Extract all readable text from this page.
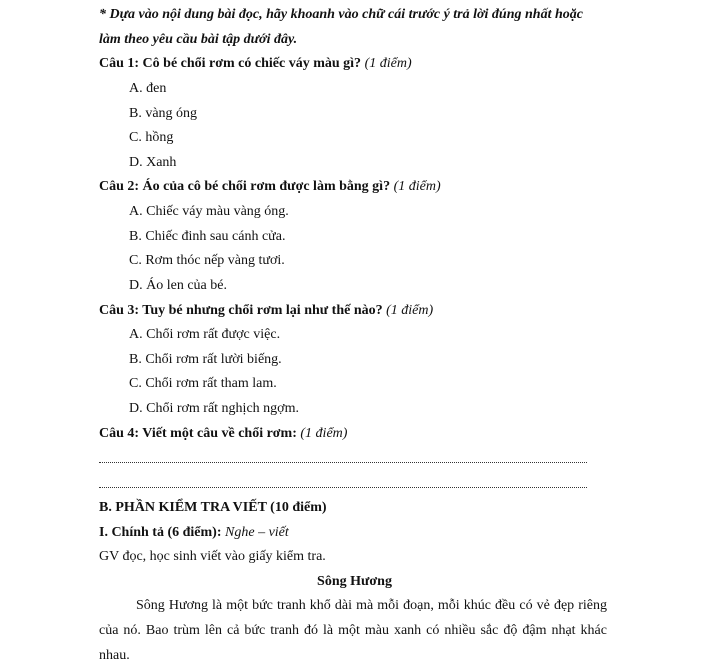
* Dựa vào nội dung bài đọc, hãy khoanh vào chữ cái trước ý trả lời đúng nhất hoặc
làm theo yêu cầu bài tập dưới đây.
Câu 1: Cô bé chổi rơm có chiếc váy màu gì? (1 điểm)
A. đen
B. vàng óng
C. hồng
D. Xanh
Câu 2: Áo của cô bé chổi rơm được làm bằng gì? (1 điểm)
A. Chiếc váy màu vàng óng.
B. Chiếc đinh sau cánh cửa.
C. Rơm thóc nếp vàng tươi.
D. Áo len của bé.
Câu 3: Tuy bé nhưng chổi rơm lại như thế nào? (1 điểm)
A. Chổi rơm rất được việc.
B. Chổi rơm rất lười biếng.
C. Chổi rơm rất tham lam.
D. Chổi rơm rất nghịch ngợm.
Câu 4: Viết một câu về chổi rơm: (1 điểm)
B. PHẦN KIỂM TRA VIẾT (10 điểm)
I. Chính tả (6 điểm): Nghe – viết
GV đọc, học sinh viết vào giấy kiểm tra.
Sông Hương
Sông Hương là một bức tranh khổ dài mà mỗi đoạn, mỗi khúc đều có vẻ đẹp riêng của nó. Bao trùm lên cả bức tranh đó là một màu xanh có nhiều sắc độ đậm nhạt khác nhau.
